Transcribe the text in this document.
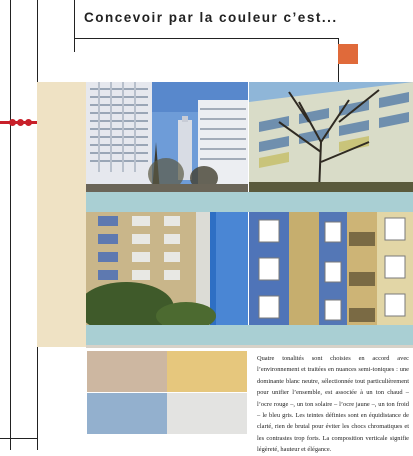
Concevoir par la couleur c’est...
Quatre tonalités sont choisies en accord avec l’environnement et traitées en nuances semi-toniques : une dominante blanc neutre, sélectionnée tout particulièrement pour unifier l’ensemble, est associée à un ton chaud – l’ocre rouge –, un ton solaire – l’ocre jaune –, un ton froid – le bleu gris. Les teintes définies sont en équidistance de clarté, rien de brutal pour éviter les chocs chromatiques et les contrastes trop forts. La composition verticale signifie légèreté, hauteur et élégance.
